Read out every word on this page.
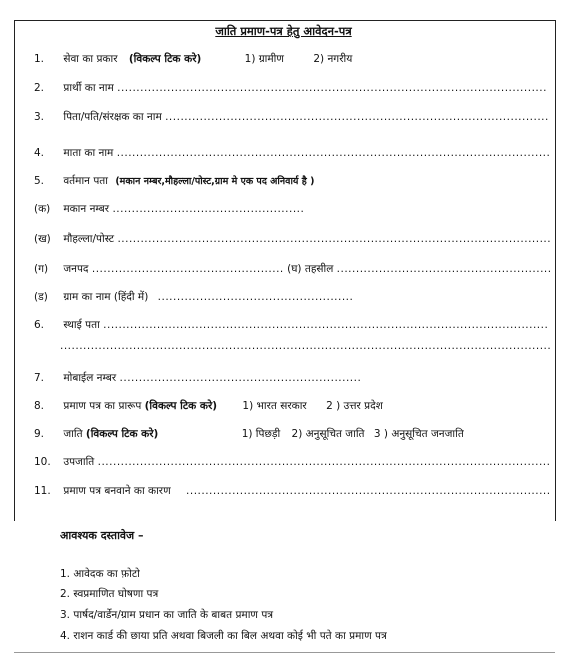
जाति प्रमाण-पत्र हेतु आवेदन-पत्र
1. सेवा का प्रकार (विकल्प टिक करे)	1) ग्रामीण	2) नगरीय
2. प्रार्थी का नाम ................................................................................................................
3. पिता/पति/संरक्षक का नाम ....................................................................................................
4. माता का नाम .................................................................................................................
5. वर्तमान पता (मकान नम्बर,मौहल्ला/पोस्ट,ग्राम मे एक पद अनिवार्य है )
(क) मकान नम्बर ..................................................
(ख) मौहल्ला/पोस्ट .................................................................................................................
(ग) जनपद .................................................. (घ) तहसील ........................................................
(ड) ग्राम का नाम (हिंदी में) ...................................................
6. स्थाई पता ....................................................................................................................
................................................................................................................................
7. मोबाईल नम्बर ...............................................................
8. प्रमाण पत्र का प्रारूप (विकल्प टिक करे) 1) भारत सरकार 2 ) उत्तर प्रदेश
9. जाति (विकल्प टिक करे)	1) पिछड़ी 2) अनुसूचित जाति 3 ) अनुसूचित जनजाति
10. उपजाति ......................................................................................................................
11. प्रमाण पत्र बनवाने का कारण ...............................................................................................
आवश्यक दस्तावेज –
1. आवेदक का फ़ोटो
2. स्वप्रमाणित घोषणा पत्र
3. पार्षद/वार्डेन/ग्राम प्रधान का जाति के बाबत प्रमाण पत्र
4. राशन कार्ड की छाया प्रति अथवा बिजली का बिल अथवा कोई भी पते का प्रमाण पत्र
